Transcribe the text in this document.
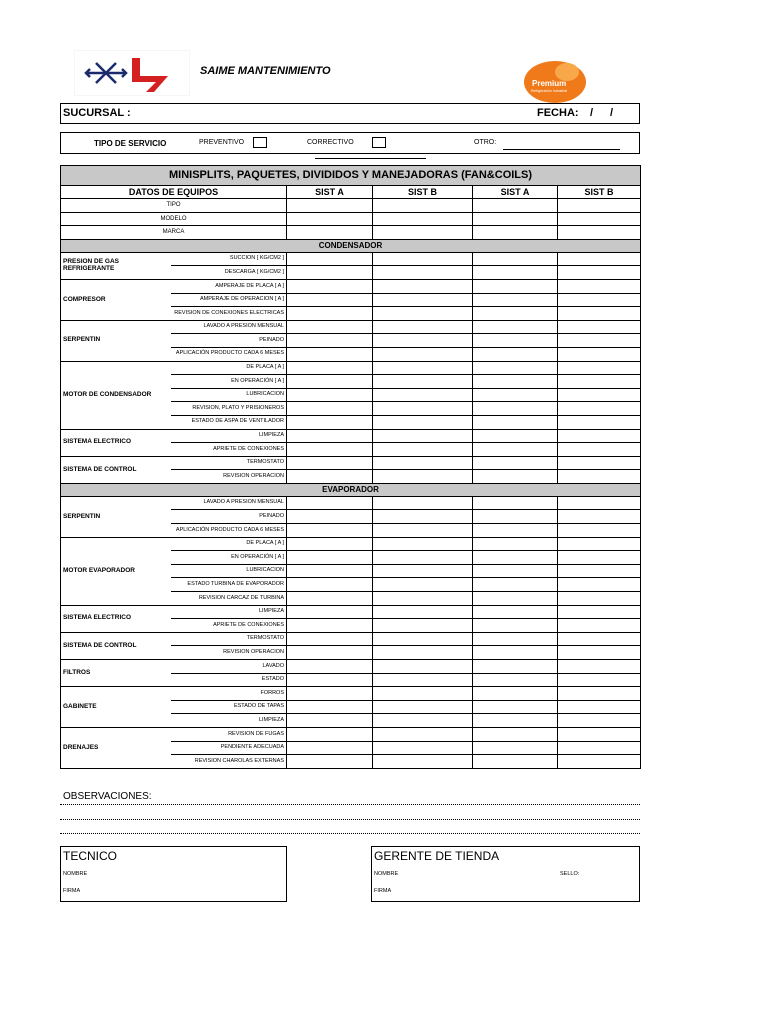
SAIME MANTENIMIENTO
Premium
Refrigeración Industrial
SUCURSAL :	FECHA: / /
TIPO DE SERVICIO	PREVENTIVO	CORRECTIVO	OTRO:
MINISPLITS, PAQUETES, DIVIDIDOS Y MANEJADORAS (FAN&COILS)					
DATOS DE EQUIPOS		SIST A	SIST B	SIST A	SIST B
TIPO					
MODELO					
MARCA					
CONDENSADOR					
PRESION DE GAS REFRIGERANTE	SUCCION [ KG/CM2 ]				
	DESCARGA [ KG/CM2 ]				
COMPRESOR	AMPERAJE DE PLACA [ A ]				
	AMPERAJE DE OPERACION [ A ]				
	REVISION DE CONEXIONES ELECTRICAS				
SERPENTIN	LAVADO A PRESION MENSUAL				
	PEINADO				
	APLICACIÓN PRODUCTO CADA 6 MESES				
MOTOR DE CONDENSADOR	DE PLACA [ A ]				
	EN OPERACIÓN [ A ]				
	LUBRICACION				
	REVISION, PLATO Y PRISIONEROS				
	ESTADO DE ASPA DE VENTILADOR				
SISTEMA ELECTRICO	LIMPIEZA				
	APRIETE DE CONEXIONES				
SISTEMA DE CONTROL	TERMOSTATO				
	REVISION OPERACION				
EVAPORADOR					
SERPENTIN	LAVADO A PRESION MENSUAL				
	PEINADO				
	APLICACIÓN PRODUCTO CADA 6 MESES				
MOTOR EVAPORADOR	DE PLACA [ A ]				
	EN OPERACIÓN [ A ]				
	LUBRICACION				
	ESTADO TURBINA DE EVAPORADOR				
	REVISION CARCAZ DE TURBINA				
SISTEMA ELECTRICO	LIMPIEZA				
	APRIETE DE CONEXIONES				
SISTEMA DE CONTROL	TERMOSTATO				
	REVISION OPERACION				
FILTROS	LAVADO				
	ESTADO				
GABINETE	FORROS				
	ESTADO DE TAPAS				
	LIMPIEZA				
DRENAJES	REVISION DE FUGAS				
	PENDIENTE ADECUADA				
	REVISION CHAROLAS EXTERNAS				
OBSERVACIONES:
TECNICO
NOMBRE
FIRMA
GERENTE DE TIENDA
NOMBRE	SELLO:
FIRMA
